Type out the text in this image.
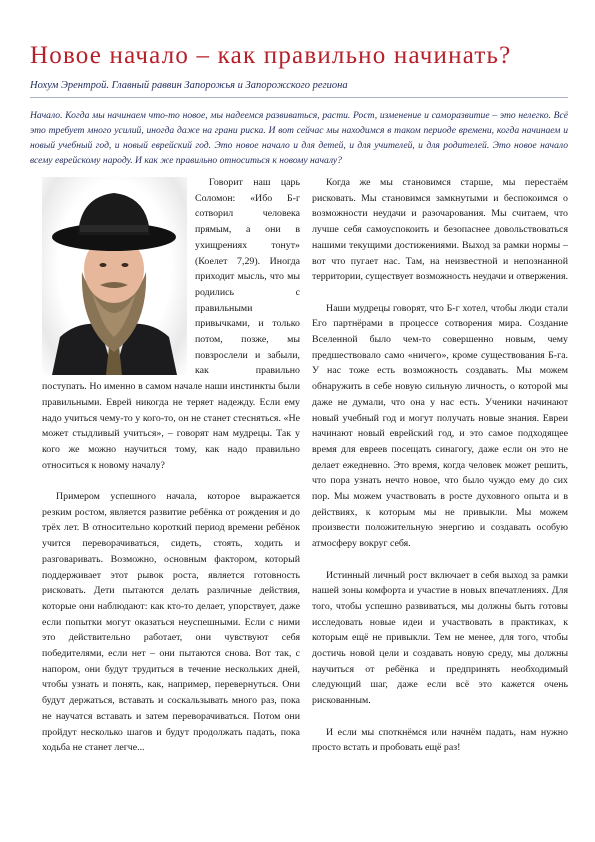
Новое начало – как правильно начинать?
Нохум Эрентрой. Главный раввин Запорожья и Запорожского региона
Начало. Когда мы начинаем что-то новое, мы надеемся развиваться, расти. Рост, изменение и саморазвитие – это нелегко. Всё это требует много усилий, иногда даже на грани риска. И вот сейчас мы находимся в таком периоде времени, когда начинаем и новый учебный год, и новый еврейский год. Это новое начало и для детей, и для учителей, и для родителей. Это новое начало всему еврейскому народу. И как же правильно относиться к новому началу?

Говорит наш царь Соломон: «Ибо Б-г сотворил человека прямым, а они в ухищрениях тонут» (Коелет 7,29). Иногда приходит мысль, что мы родились с правильными привычками, и только потом, позже, мы повзрослели и забыли, как правильно поступать. Но именно в самом начале наши инстинкты были правильными. Еврей никогда не теряет надежду. Если ему надо учиться чему-то у кого-то, он не станет стесняться. «Не может стыдливый учиться», – говорят нам мудрецы. Так у кого же можно научиться тому, как надо правильно относиться к новому началу?

Примером успешного начала, которое выражается резким ростом, является развитие ребёнка от рождения и до трёх лет. В относительно короткий период времени ребёнок учится переворачиваться, сидеть, стоять, ходить и разговаривать. Возможно, основным фактором, который поддерживает этот рывок роста, является готовность рисковать. Дети пытаются делать различные действия, которые они наблюдают: как кто-то делает, упорствует, даже если попытки могут оказаться неуспешными. Если с ними это действительно работает, они чувствуют себя победителями, если нет – они пытаются снова. Вот так, с напором, они будут трудиться в течение нескольких дней, чтобы узнать и понять, как, например, перевернуться. Они будут держаться, вставать и соскальзывать много раз, пока не научатся вставать и затем переворачиваться. Потом они пройдут несколько шагов и будут продолжать падать, пока ходьба не станет легче...

Когда же мы становимся старше, мы перестаём рисковать. Мы становимся замкнутыми и беспокоимся о возможности неудачи и разочарования. Мы считаем, что лучше себя самоуспокоить и безопаснее довольствоваться нашими текущими достижениями. Выход за рамки нормы – вот что пугает нас. Там, на неизвестной и непознанной территории, существует возможность неудачи и отвержения.

Наши мудрецы говорят, что Б-г хотел, чтобы люди стали Его партнёрами в процессе сотворения мира. Создание Вселенной было чем-то совершенно новым, чему предшествовало само «ничего», кроме существования Б-га. У нас тоже есть возможность создавать. Мы можем обнаружить в себе новую сильную личность, о которой мы даже не думали, что она у нас есть. Ученики начинают новый учебный год и могут получать новые знания. Евреи начинают новый еврейский год, и это самое подходящее время для евреев посещать синагогу, даже если он это не делает ежедневно. Это время, когда человек может решить, что пора узнать нечто новое, что было чуждо ему до сих пор. Мы можем участвовать в росте духовного опыта и в действиях, к которым мы не привыкли. Мы можем произвести положительную энергию и создавать особую атмосферу вокруг себя.

Истинный личный рост включает в себя выход за рамки нашей зоны комфорта и участие в новых впечатлениях. Для того, чтобы успешно развиваться, мы должны быть готовы исследовать новые идеи и участвовать в практиках, к которым ещё не привыкли. Тем не менее, для того, чтобы достичь новой цели и создавать новую среду, мы должны научиться от ребёнка и предпринять необходимый следующий шаг, даже если всё это кажется очень рискованным.

И если мы споткнёмся или начнём падать, нам нужно просто встать и пробовать ещё раз!
